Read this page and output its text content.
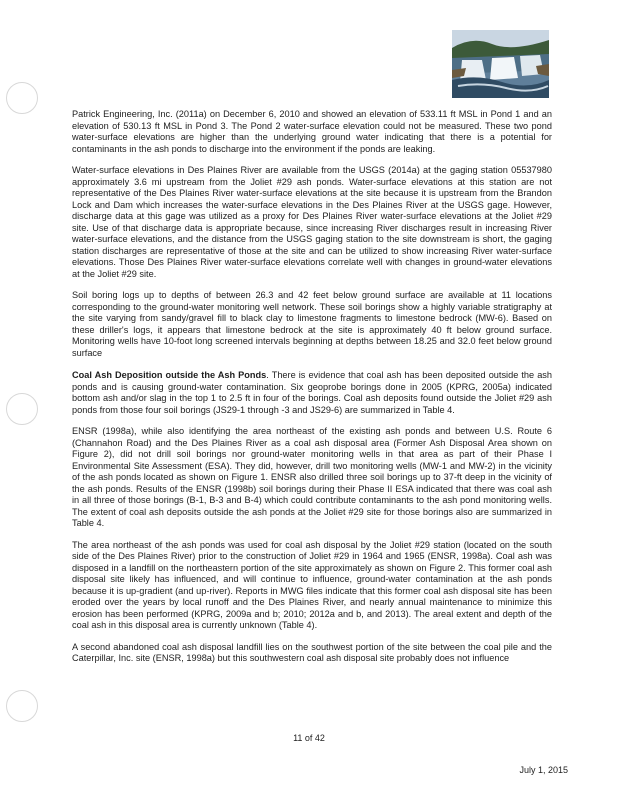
Patrick Engineering, Inc. (2011a) on December 6, 2010 and showed an elevation of 533.11 ft MSL in Pond 1 and an elevation of 530.13 ft MSL in Pond 3. The Pond 2 water-surface elevation could not be measured. These two pond water-surface elevations are higher than the underlying ground water indicating that there is a potential for contaminants in the ash ponds to discharge into the environment if the ponds are leaking.

Water-surface elevations in Des Plaines River are available from the USGS (2014a) at the gaging station 05537980 approximately 3.6 mi upstream from the Joliet #29 ash ponds. Water-surface elevations at this station are not representative of the Des Plaines River water-surface elevations at the site because it is upstream from the Brandon Lock and Dam which increases the water-surface elevations in the Des Plaines River at the USGS gage. However, discharge data at this gage was utilized as a proxy for Des Plaines River water-surface elevations at the Joliet #29 site. Use of that discharge data is appropriate because, since increasing River discharges result in increasing River water-surface elevations, and the distance from the USGS gaging station to the site downstream is short, the gaging station discharges are representative of those at the site and can be utilized to show increasing River water-surface elevations. Those Des Plaines River water-surface elevations correlate well with changes in ground-water elevations at the Joliet #29 site.

Soil boring logs up to depths of between 26.3 and 42 feet below ground surface are available at 11 locations corresponding to the ground-water monitoring well network. These soil borings show a highly variable stratigraphy at the site varying from sandy/gravel fill to black clay to limestone fragments to limestone bedrock (MW-6). Based on these driller's logs, it appears that limestone bedrock at the site is approximately 40 ft below ground surface. Monitoring wells have 10-foot long screened intervals beginning at depths between 18.25 and 32.0 feet below ground surface

Coal Ash Deposition outside the Ash Ponds. There is evidence that coal ash has been deposited outside the ash ponds and is causing ground-water contamination. Six geoprobe borings done in 2005 (KPRG, 2005a) indicated bottom ash and/or slag in the top 1 to 2.5 ft in four of the borings. Coal ash deposits found outside the Joliet #29 ash ponds from those four soil borings (JS29-1 through -3 and JS29-6) are summarized in Table 4.

ENSR (1998a), while also identifying the area northeast of the existing ash ponds and between U.S. Route 6 (Channahon Road) and the Des Plaines River as a coal ash disposal area (Former Ash Disposal Area shown on Figure 2), did not drill soil borings nor ground-water monitoring wells in that area as part of their Phase I Environmental Site Assessment (ESA). They did, however, drill two monitoring wells (MW-1 and MW-2) in the vicinity of the ash ponds located as shown on Figure 1. ENSR also drilled three soil borings up to 37-ft deep in the vicinity of the ash ponds. Results of the ENSR (1998b) soil borings during their Phase II ESA indicated that there was coal ash in all three of those borings (B-1, B-3 and B-4) which could contribute contaminants to the ash pond monitoring wells. The extent of coal ash deposits outside the ash ponds at the Joliet #29 site for those borings also are summarized in Table 4.

The area northeast of the ash ponds was used for coal ash disposal by the Joliet #29 station (located on the south side of the Des Plaines River) prior to the construction of Joliet #29 in 1964 and 1965 (ENSR, 1998a). Coal ash was disposed in a landfill on the northeastern portion of the site approximately as shown on Figure 2. This former coal ash disposal site likely has influenced, and will continue to influence, ground-water contamination at the ash ponds because it is up-gradient (and up-river). Reports in MWG files indicate that this former coal ash disposal site has been eroded over the years by local runoff and the Des Plaines River, and nearly annual maintenance to minimize this erosion has been performed (KPRG, 2009a and b; 2010; 2012a and b, and 2013). The areal extent and depth of the coal ash in this disposal area is currently unknown (Table 4).

A second abandoned coal ash disposal landfill lies on the southwest portion of the site between the coal pile and the Caterpillar, Inc. site (ENSR, 1998a) but this southwestern coal ash disposal site probably does not influence

11 of 42
July 1, 2015
